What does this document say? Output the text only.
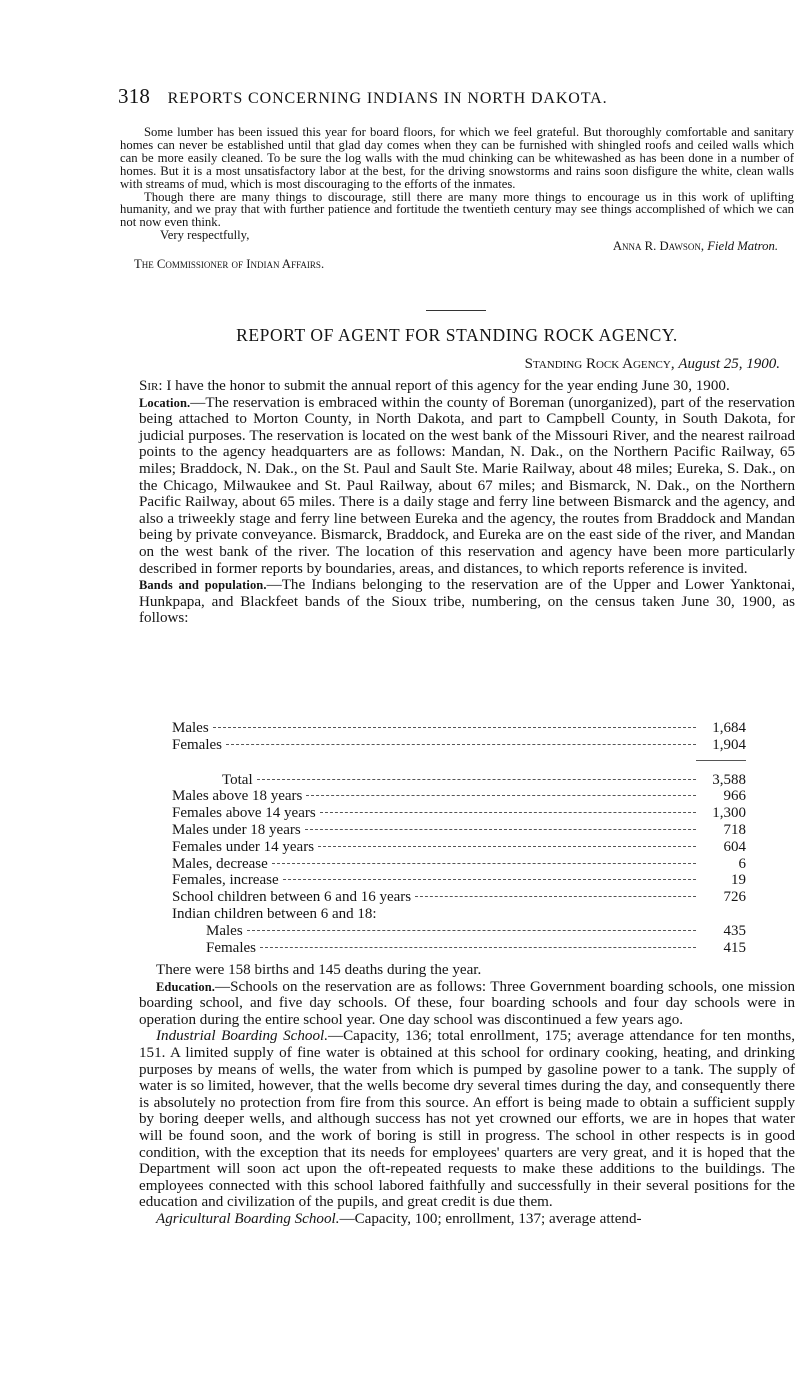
318 REPORTS CONCERNING INDIANS IN NORTH DAKOTA.

Some lumber has been issued this year for board floors, for which we feel grateful. But thoroughly comfortable and sanitary homes can never be established until that glad day comes when they can be furnished with shingled roofs and ceiled walls which can be more easily cleaned. To be sure the log walls with the mud chinking can be whitewashed as has been done in a number of homes. But it is a most unsatisfactory labor at the best, for the driving snowstorms and rains soon disfigure the white, clean walls with streams of mud, which is most discouraging to the efforts of the inmates.

Though there are many things to discourage, still there are many more things to encourage us in this work of uplifting humanity, and we pray that with further patience and fortitude the twentieth century may see things accomplished of which we can not now even think.

Very respectfully,

Anna R. Dawson, Field Matron.

The Commissioner of Indian Affairs.

REPORT OF AGENT FOR STANDING ROCK AGENCY.
Standing Rock Agency, August 25, 1900.

Sir: I have the honor to submit the annual report of this agency for the year ending June 30, 1900.

Location.—The reservation is embraced within the county of Boreman (unorganized), part of the reservation being attached to Morton County, in North Dakota, and part to Campbell County, in South Dakota, for judicial purposes. The reservation is located on the west bank of the Missouri River, and the nearest railroad points to the agency headquarters are as follows: Mandan, N. Dak., on the Northern Pacific Railway, 65 miles; Braddock, N. Dak., on the St. Paul and Sault Ste. Marie Railway, about 48 miles; Eureka, S. Dak., on the Chicago, Milwaukee and St. Paul Railway, about 67 miles; and Bismarck, N. Dak., on the Northern Pacific Railway, about 65 miles. There is a daily stage and ferry line between Bismarck and the agency, and also a triweekly stage and ferry line between Eureka and the agency, the routes from Braddock and Mandan being by private conveyance. Bismarck, Braddock, and Eureka are on the east side of the river, and Mandan on the west bank of the river. The location of this reservation and agency have been more particularly described in former reports by boundaries, areas, and distances, to which reports reference is invited.

Bands and population.—The Indians belonging to the reservation are of the Upper and Lower Yanktonai, Hunkpapa, and Blackfeet bands of the Sioux tribe, numbering, on the census taken June 30, 1900, as follows:

Males	1,684
Females	1,904
Total	3,588
Males above 18 years	966
Females above 14 years	1,300
Males under 18 years	718
Females under 14 years	604
Males, decrease	6
Females, increase	19
School children between 6 and 16 years	726
Indian children between 6 and 18:
Males	435
Females	415

There were 158 births and 145 deaths during the year.

Education.—Schools on the reservation are as follows: Three Government boarding schools, one mission boarding school, and five day schools. Of these, four boarding schools and four day schools were in operation during the entire school year. One day school was discontinued a few years ago.

Industrial Boarding School.—Capacity, 136; total enrollment, 175; average attendance for ten months, 151. A limited supply of fine water is obtained at this school for ordinary cooking, heating, and drinking purposes by means of wells, the water from which is pumped by gasoline power to a tank. The supply of water is so limited, however, that the wells become dry several times during the day, and consequently there is absolutely no protection from fire from this source. An effort is being made to obtain a sufficient supply by boring deeper wells, and although success has not yet crowned our efforts, we are in hopes that water will be found soon, and the work of boring is still in progress. The school in other respects is in good condition, with the exception that its needs for employees' quarters are very great, and it is hoped that the Department will soon act upon the oft-repeated requests to make these additions to the buildings. The employees connected with this school labored faithfully and successfully in their several positions for the education and civilization of the pupils, and great credit is due them.

Agricultural Boarding School.—Capacity, 100; enrollment, 137; average attend-
